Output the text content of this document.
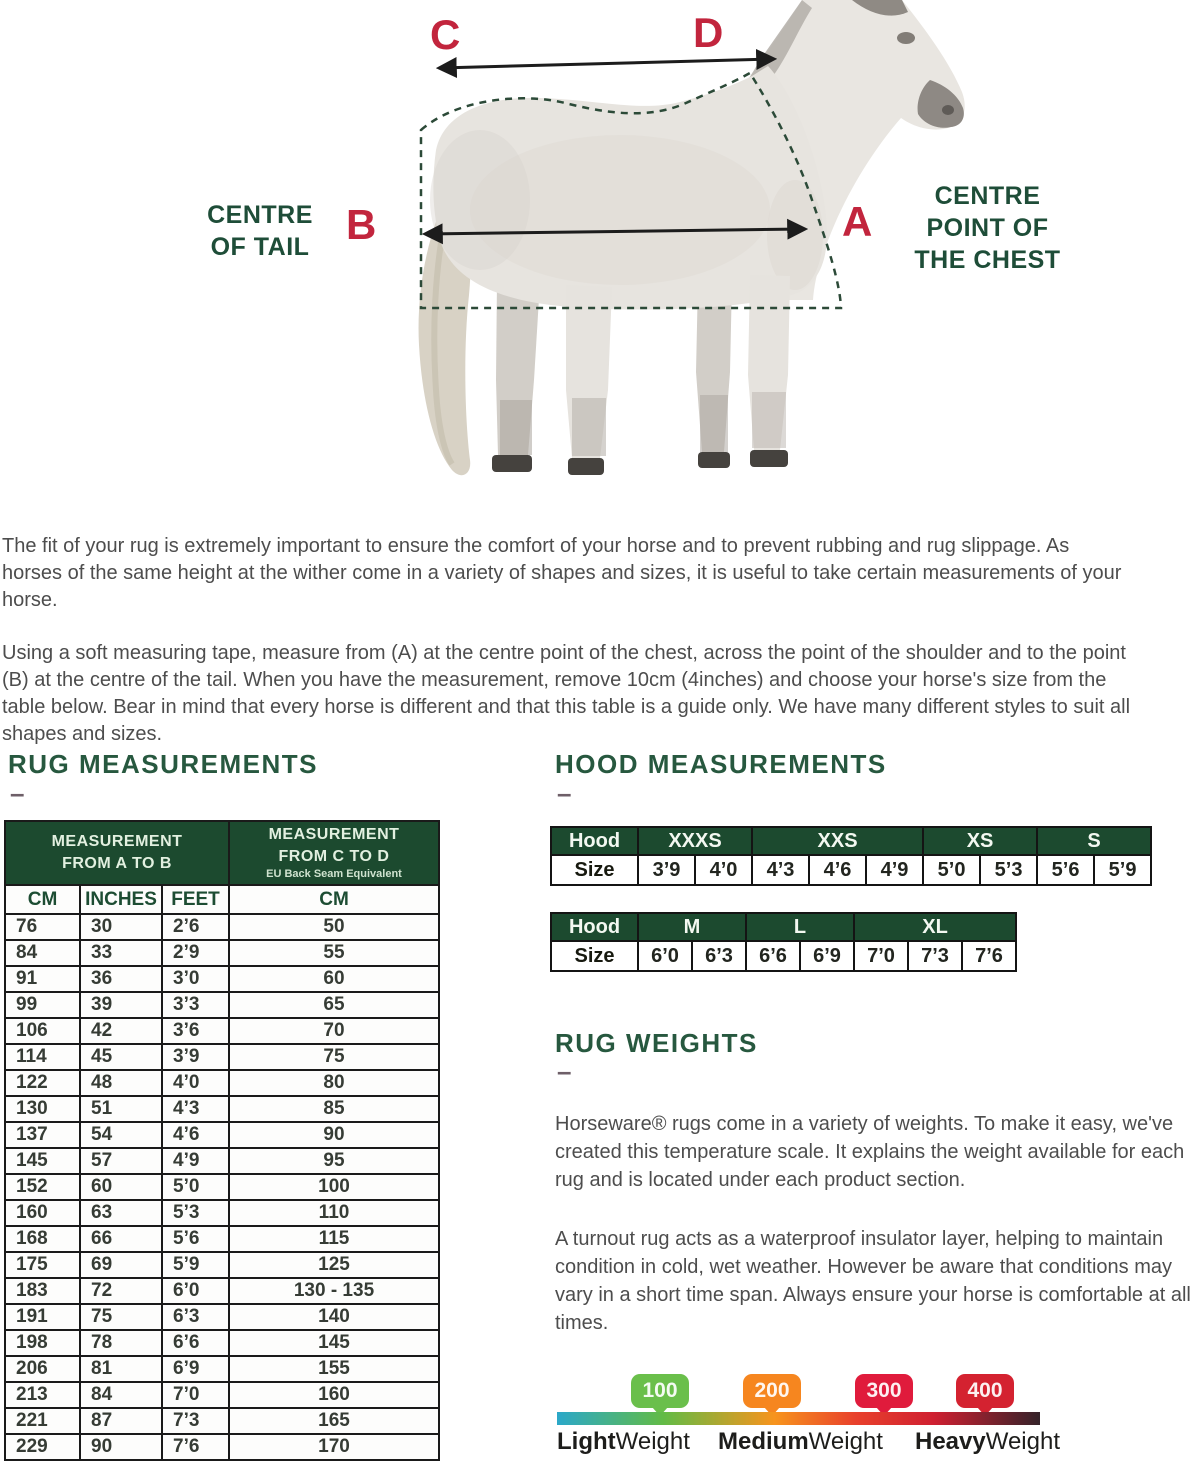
C	D
B	A
CENTRE
OF TAIL
CENTRE
POINT OF
THE CHEST

The fit of your rug is extremely important to ensure the comfort of your horse and to prevent rubbing and rug slippage. As horses of the same height at the wither come in a variety of shapes and sizes, it is useful to take certain measurements of your horse.

Using a soft measuring tape, measure from (A) at the centre point of the chest, across the point of the shoulder and to the point (B) at the centre of the tail. When you have the measurement, remove 10cm (4inches) and choose your horse's size from the table below. Bear in mind that every horse is different and that this table is a guide only. We have many different styles to suit all shapes and sizes.

RUG MEASUREMENTS
–
MEASUREMENT
FROM A TO B

MEASUREMENT
FROM C TO D
EU Back Seam Equivalent

CM	INCHES	FEET	CM
76	30	2’6	50
84	33	2’9	55
91	36	3’0	60
99	39	3’3	65
106	42	3’6	70
114	45	3’9	75
122	48	4’0	80
130	51	4’3	85
137	54	4’6	90
145	57	4’9	95
152	60	5’0	100
160	63	5’3	110
168	66	5’6	115
175	69	5’9	125
183	72	6’0	130 - 135
191	75	6’3	140
198	78	6’6	145
206	81	6’9	155
213	84	7’0	160
221	87	7’3	165
229	90	7’6	170
HOOD MEASUREMENTS
–
Hood	XXXS		XXS			XS		S	
Size	3’9	4’0	4’3	4’6	4’9	5’0	5’3	5’6	5’9
Hood	M		L		XL		
Size	6’0	6’3	6’6	6’9	7’0	7’3	7’6
RUG WEIGHTS
–

Horseware® rugs come in a variety of weights. To make it easy, we've created this temperature scale. It explains the weight available for each rug and is located under each product section.

A turnout rug acts as a waterproof insulator layer, helping to maintain condition in cold, wet weather. However be aware that conditions may vary in a short time span. Always ensure your horse is comfortable at all times.

100	200	300	400
LightWeight MediumWeight HeavyWeight
